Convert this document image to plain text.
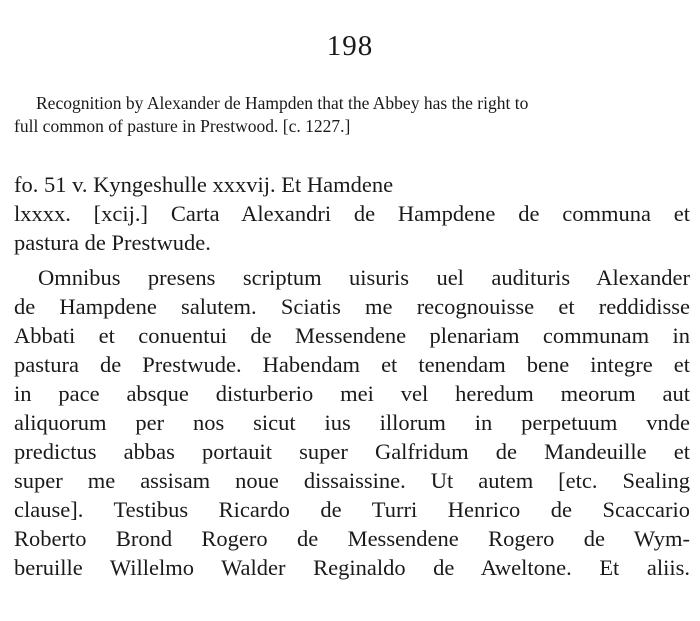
198
Recognition by Alexander de Hampden that the Abbey has the right to
full common of pasture in Prestwood. [c. 1227.]
fo. 51 v. Kyngeshulle xxxvij. Et Hamdene
lxxxx. [xcij.] Carta Alexandri de Hampdene de communa et
pastura de Prestwude.
Omnibus presens scriptum uisuris uel audituris Alexander
de Hampdene salutem. Sciatis me recognouisse et reddidisse
Abbati et conuentui de Messendene plenariam communam in
pastura de Prestwude. Habendam et tenendam bene integre et
in pace absque disturberio mei vel heredum meorum aut
aliquorum per nos sicut ius illorum in perpetuum vnde
predictus abbas portauit super Galfridum de Mandeuille et
super me assisam noue dissaissine. Ut autem [etc. Sealing
clause]. Testibus Ricardo de Turri Henrico de Scaccario
Roberto Brond Rogero de Messendene Rogero de Wym-
beruille Willelmo Walder Reginaldo de Aweltone. Et aliis.
